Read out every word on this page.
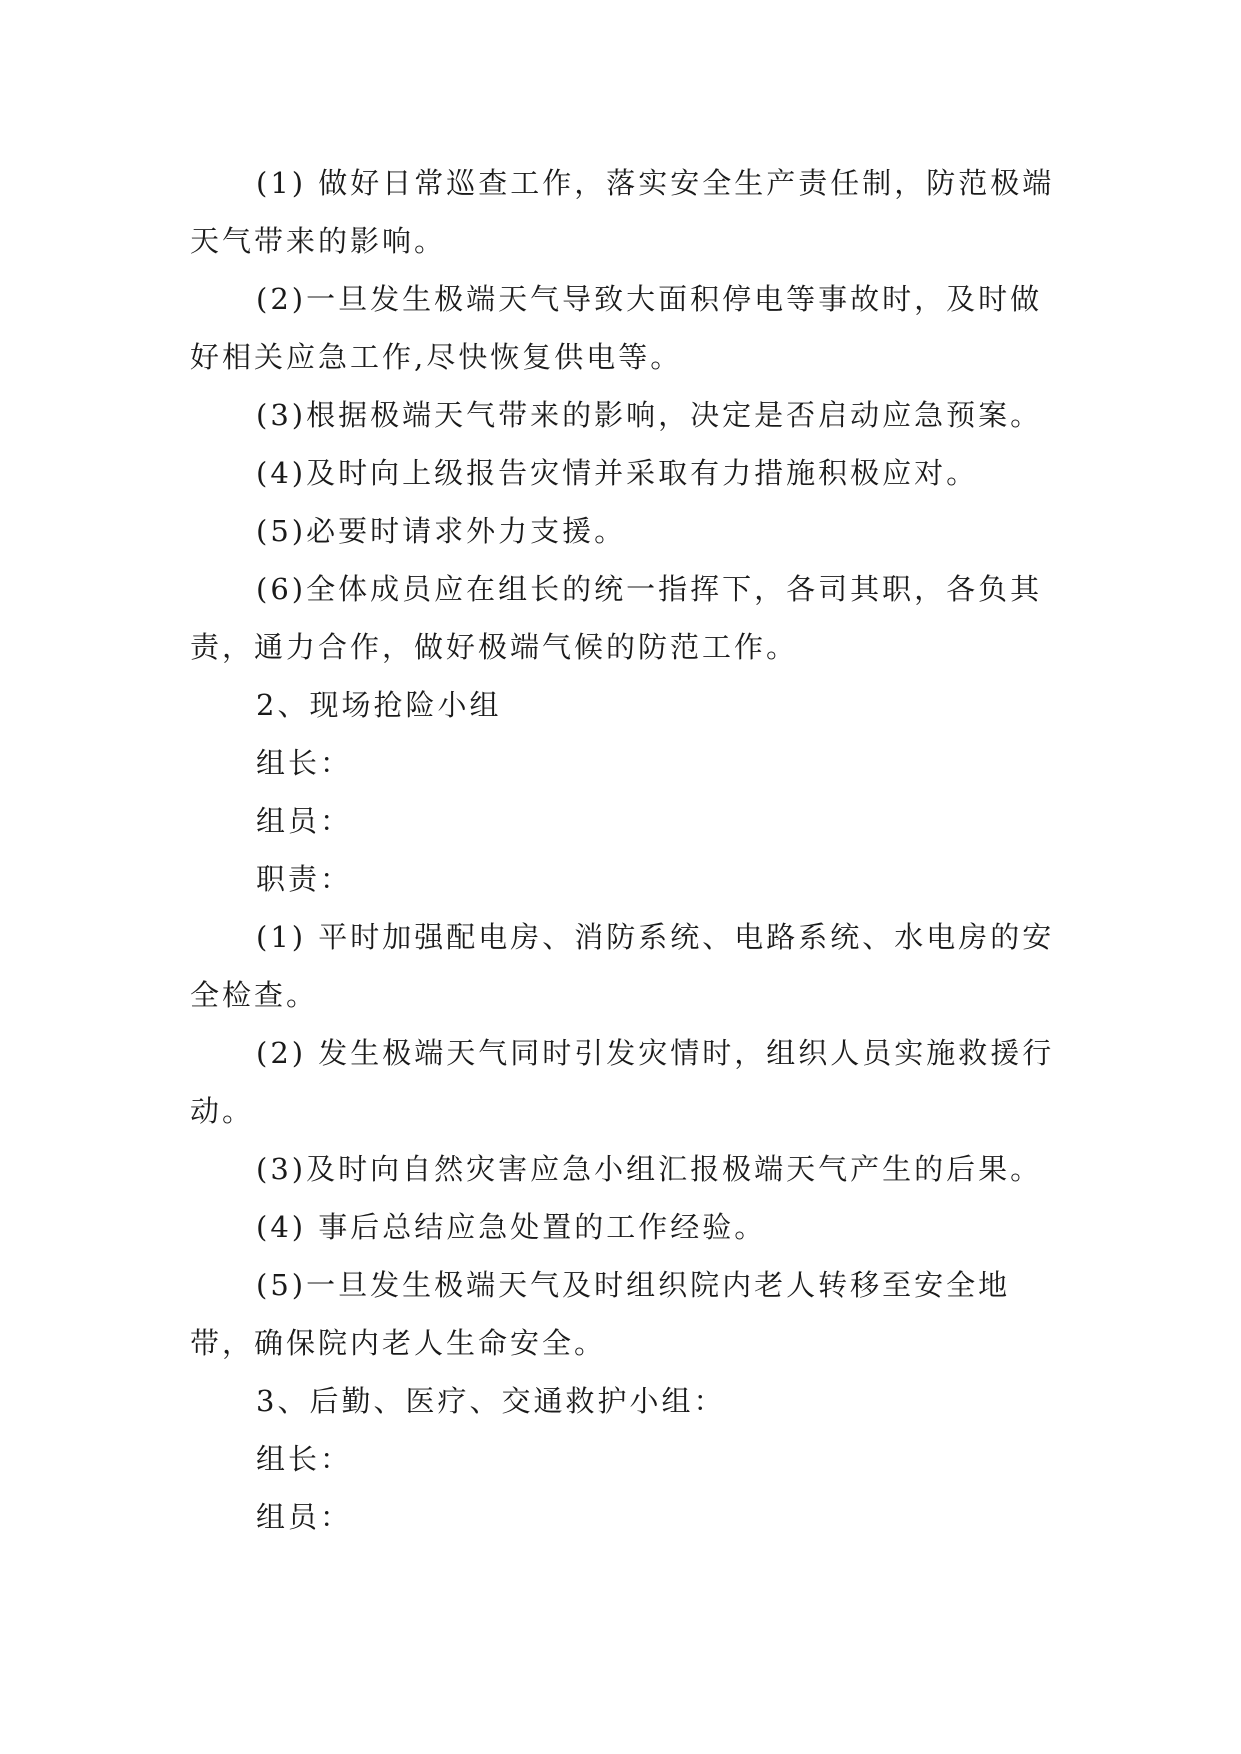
(1) 做好日常巡查工作，落实安全生产责任制，防范极端天气带来的影响。

(2)一旦发生极端天气导致大面积停电等事故时，及时做好相关应急工作,尽快恢复供电等。

(3)根据极端天气带来的影响，决定是否启动应急预案。

(4)及时向上级报告灾情并采取有力措施积极应对。

(5)必要时请求外力支援。

(6)全体成员应在组长的统一指挥下，各司其职，各负其责，通力合作，做好极端气候的防范工作。

2、现场抢险小组

组长：

组员：

职责：

(1) 平时加强配电房、消防系统、电路系统、水电房的安全检查。

(2) 发生极端天气同时引发灾情时，组织人员实施救援行动。

(3)及时向自然灾害应急小组汇报极端天气产生的后果。

(4) 事后总结应急处置的工作经验。

(5)一旦发生极端天气及时组织院内老人转移至安全地带，确保院内老人生命安全。

3、后勤、医疗、交通救护小组：

组长：

组员：
